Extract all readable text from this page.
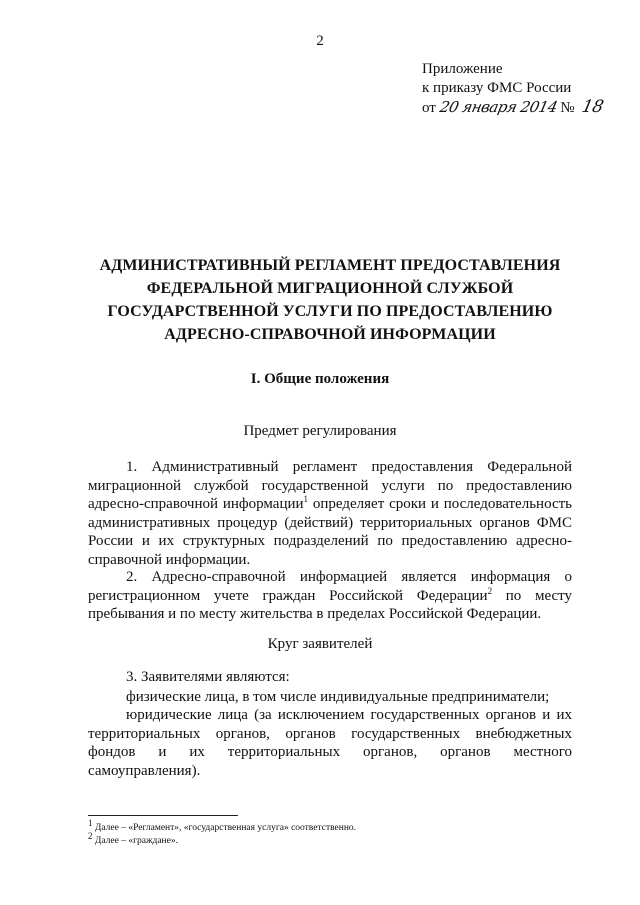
2
Приложение
к приказу ФМС России
от 20 января 2014 № 18
АДМИНИСТРАТИВНЫЙ РЕГЛАМЕНТ ПРЕДОСТАВЛЕНИЯ
ФЕДЕРАЛЬНОЙ МИГРАЦИОННОЙ СЛУЖБОЙ
ГОСУДАРСТВЕННОЙ УСЛУГИ ПО ПРЕДОСТАВЛЕНИЮ
АДРЕСНО-СПРАВОЧНОЙ ИНФОРМАЦИИ
I. Общие положения
Предмет регулирования
1. Административный регламент предоставления Федеральной миграционной службой государственной услуги по предоставлению адресно-справочной информации$^1$ определяет сроки и последовательность административных процедур (действий) территориальных органов ФМС России и их структурных подразделений по предоставлению адресно-справочной информации.
2. Адресно-справочной информацией является информация о регистрационном учете граждан Российской Федерации$^2$ по месту пребывания и по месту жительства в пределах Российской Федерации.
Круг заявителей
3. Заявителями являются:
физические лица, в том числе индивидуальные предприниматели;
юридические лица (за исключением государственных органов и их территориальных органов, органов государственных внебюджетных фондов и их территориальных органов, органов местного самоуправления).
$^1$ Далее – «Регламент», «государственная услуга» соответственно.
$^2$ Далее – «граждане».
